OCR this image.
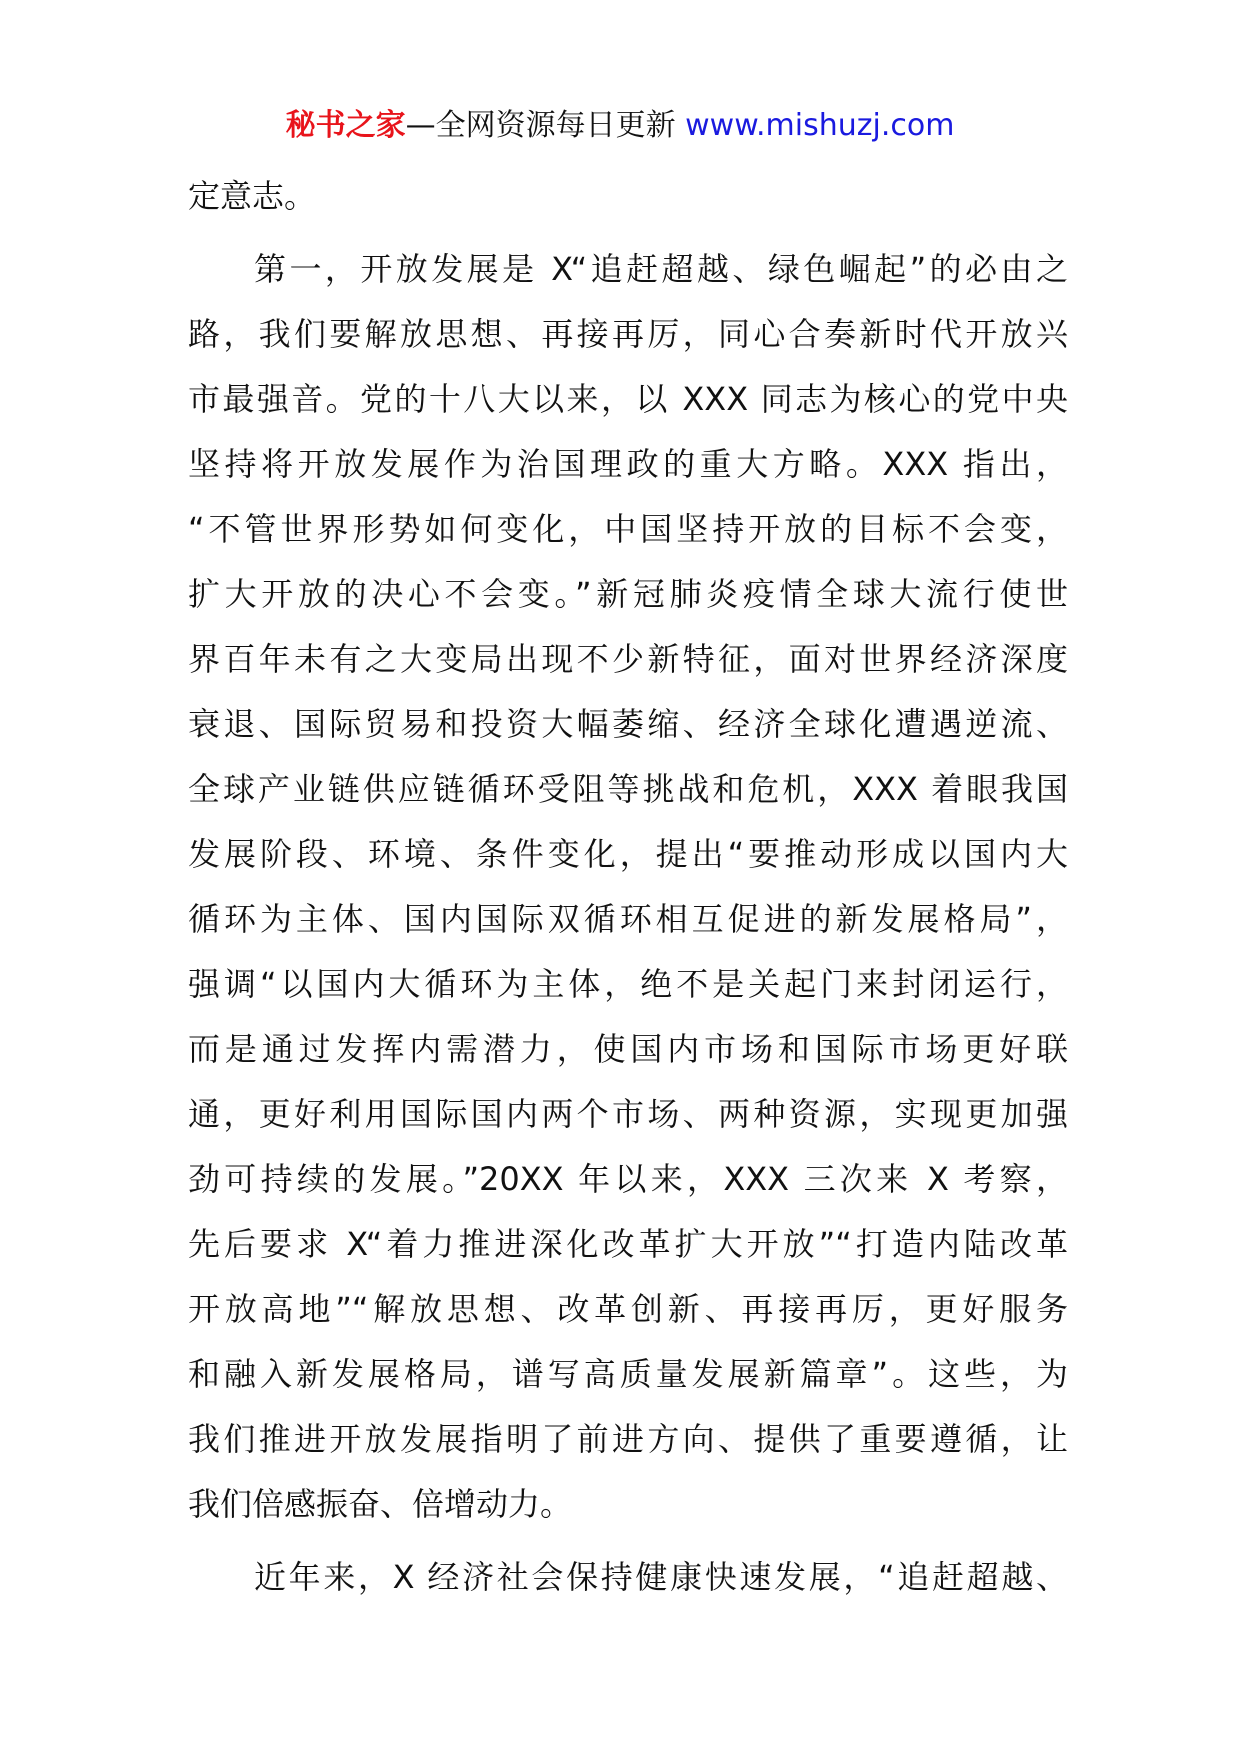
秘书之家—全网资源每日更新 www.mishuzj.com
定意志。
第一，开放发展是 X“追赶超越、绿色崛起”的必由之
路，我们要解放思想、再接再厉，同心合奏新时代开放兴
市最强音。党的十八大以来，以 XXX 同志为核心的党中央
坚持将开放发展作为治国理政的重大方略。XXX 指出，
“不管世界形势如何变化，中国坚持开放的目标不会变，
扩大开放的决心不会变。”新冠肺炎疫情全球大流行使世
界百年未有之大变局出现不少新特征，面对世界经济深度
衰退、国际贸易和投资大幅萎缩、经济全球化遭遇逆流、
全球产业链供应链循环受阻等挑战和危机，XXX 着眼我国
发展阶段、环境、条件变化，提出“要推动形成以国内大
循环为主体、国内国际双循环相互促进的新发展格局”，
强调“以国内大循环为主体，绝不是关起门来封闭运行，
而是通过发挥内需潜力，使国内市场和国际市场更好联
通，更好利用国际国内两个市场、两种资源，实现更加强
劲可持续的发展。”20XX 年以来，XXX 三次来 X 考察，
先后要求 X“着力推进深化改革扩大开放”“打造内陆改革
开放高地”“解放思想、改革创新、再接再厉，更好服务
和融入新发展格局，谱写高质量发展新篇章”。这些，为
我们推进开放发展指明了前进方向、提供了重要遵循，让
我们倍感振奋、倍增动力。
近年来，X 经济社会保持健康快速发展，“追赶超越、
